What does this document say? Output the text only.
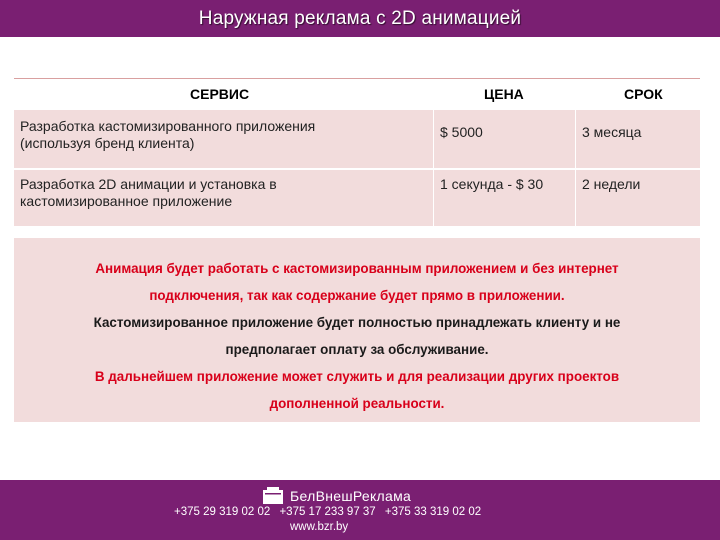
Наружная реклама с 2D анимацией
СЕРВИС	ЦЕНА	СРОК
Разработка кастомизированного приложения
(используя бренд клиента)
$ 5000	3 месяца
Разработка 2D анимации и установка в
кастомизированное приложение
1 секунда - $ 30	2 недели
Анимация будет работать с кастомизированным приложением и без интернет
подключения, так как содержание будет прямо в приложении.
Кастомизированное приложение будет полностью принадлежать клиенту и не
предполагает оплату за обслуживание.
В дальнейшем приложение может служить и для реализации других проектов
дополненной реальности.
БелВнешРеклама
+375 29 319 02 02 +375 17 233 97 37 +375 33 319 02 02
www.bzr.by
